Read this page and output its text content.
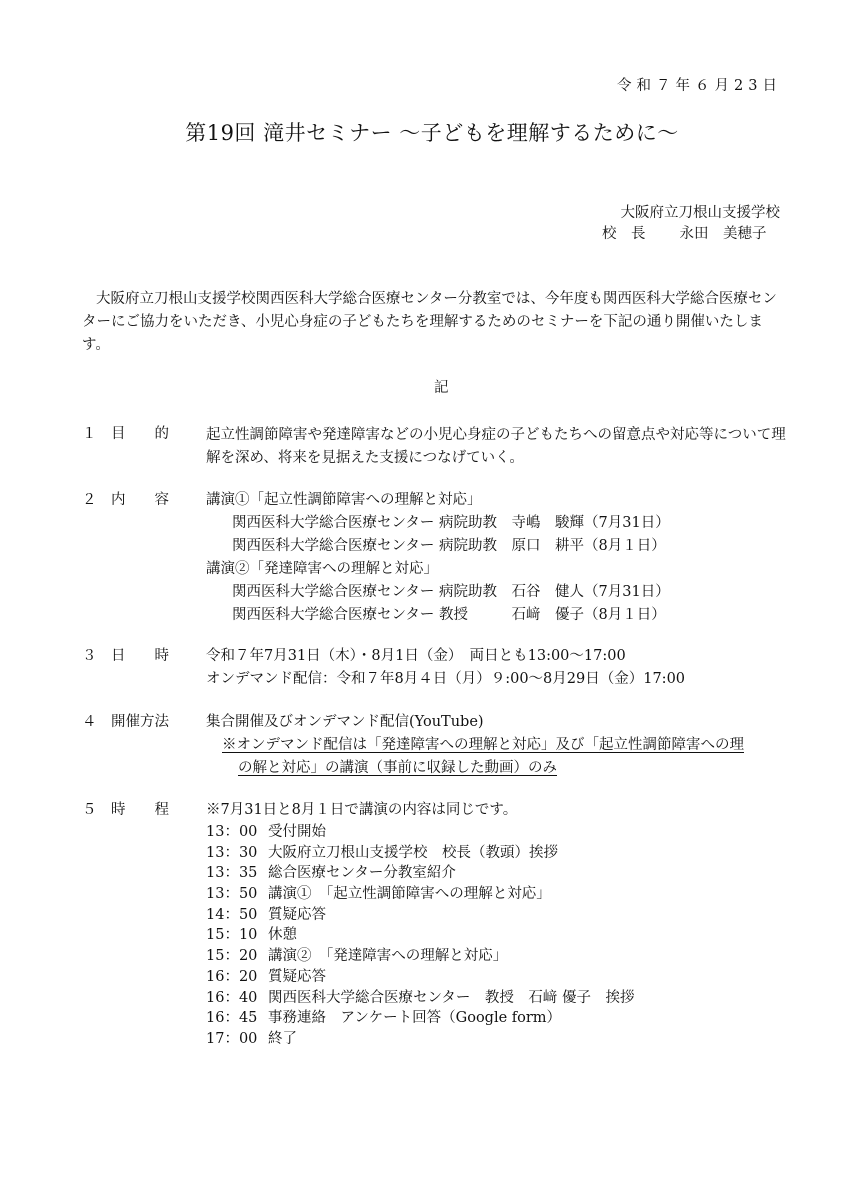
令和７年６月23日
第19回 滝井セミナー 〜子どもを理解するために〜
大阪府立刀根山支援学校
校　長 永田　美穂子
大阪府立刀根山支援学校関西医科大学総合医療センター分教室では、今年度も関西医科大学総合医療センターにご協力をいただき、小児心身症の子どもたちを理解するためのセミナーを下記の通り開催いたします。
記
１　目　　的	起立性調節障害や発達障害などの小児心身症の子どもたちへの留意点や対応等について理解を深め、将来を見据えた支援につなげていく。
２　内　　容	講演①「起立性調節障害への理解と対応」
関西医科大学総合医療センター 病院助教　寺嶋　駿輝（7月31日）
関西医科大学総合医療センター 病院助教　原口　耕平（8月１日）
講演②「発達障害への理解と対応」
関西医科大学総合医療センター 病院助教　石谷　健人（7月31日）
関西医科大学総合医療センター 教授　　　石﨑　優子（8月１日）
３　日　　時	令和７年7月31日（木）・8月1日（金）　両日とも13:00〜17:00
オンデマンド配信：令和７年8月４日（月）９:00〜8月29日（金）17:00
４　開催方法	集合開催及びオンデマンド配信(YouTube)
※オンデマンド配信は「発達障害への理解と対応」及び「起立性調節障害への理
の解と対応」の講演（事前に収録した動画）のみ
５　時　　程	※7月31日と8月１日で講演の内容は同じです。
13：00 受付開始
13：30 大阪府立刀根山支援学校　校長（教頭）挨拶
13：35 総合医療センター分教室紹介
13：50 講演①　「起立性調節障害への理解と対応」
14：50 質疑応答
15：10 休憩
15：20 講演②　「発達障害への理解と対応」
16：20 質疑応答
16：40 関西医科大学総合医療センター　教授　石﨑 優子　挨拶
16：45 事務連絡　アンケート回答（Google form）
17：00 終了
